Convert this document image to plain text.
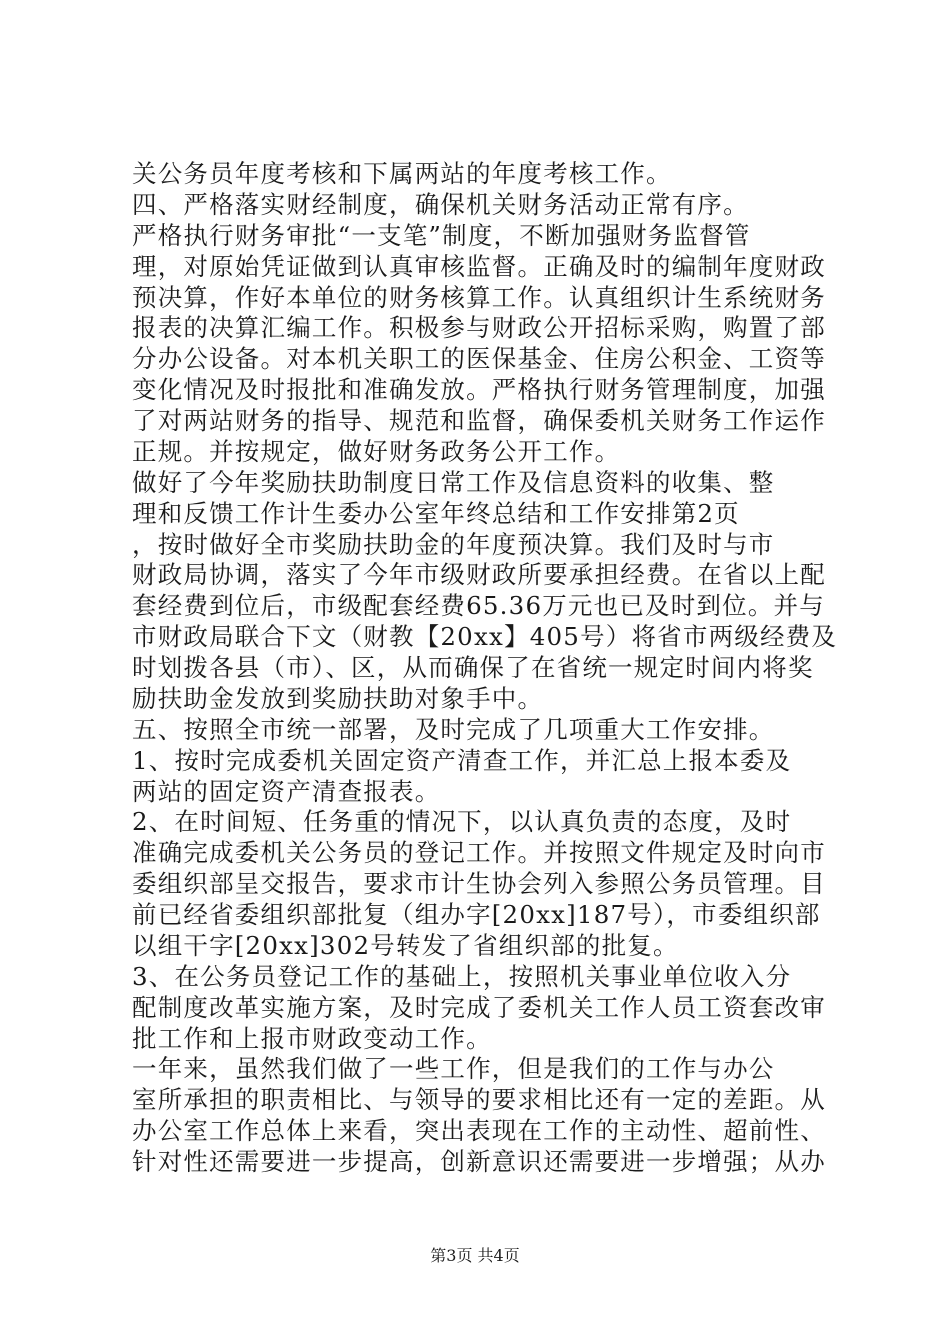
关公务员年度考核和下属两站的年度考核工作。
四、严格落实财经制度，确保机关财务活动正常有序。
严格执行财务审批“一支笔”制度，不断加强财务监督管
理，对原始凭证做到认真审核监督。正确及时的编制年度财政
预决算，作好本单位的财务核算工作。认真组织计生系统财务
报表的决算汇编工作。积极参与财政公开招标采购，购置了部
分办公设备。对本机关职工的医保基金、住房公积金、工资等
变化情况及时报批和准确发放。严格执行财务管理制度，加强
了对两站财务的指导、规范和监督，确保委机关财务工作运作
正规。并按规定，做好财务政务公开工作。
做好了今年奖励扶助制度日常工作及信息资料的收集、整
理和反馈工作计生委办公室年终总结和工作安排第2页
，按时做好全市奖励扶助金的年度预决算。我们及时与市
财政局协调，落实了今年市级财政所要承担经费。在省以上配
套经费到位后，市级配套经费65.36万元也已及时到位。并与
市财政局联合下文（财教【20xx】405号）将省市两级经费及
时划拨各县（市）、区，从而确保了在省统一规定时间内将奖
励扶助金发放到奖励扶助对象手中。
五、按照全市统一部署，及时完成了几项重大工作安排。
1、按时完成委机关固定资产清查工作，并汇总上报本委及
两站的固定资产清查报表。
2、在时间短、任务重的情况下，以认真负责的态度，及时
准确完成委机关公务员的登记工作。并按照文件规定及时向市
委组织部呈交报告，要求市计生协会列入参照公务员管理。目
前已经省委组织部批复（组办字[20xx]187号），市委组织部
以组干字[20xx]302号转发了省组织部的批复。
3、在公务员登记工作的基础上，按照机关事业单位收入分
配制度改革实施方案，及时完成了委机关工作人员工资套改审
批工作和上报市财政变动工作。
一年来，虽然我们做了一些工作，但是我们的工作与办公
室所承担的职责相比、与领导的要求相比还有一定的差距。从
办公室工作总体上来看，突出表现在工作的主动性、超前性、
针对性还需要进一步提高，创新意识还需要进一步增强；从办
第3页 共4页
